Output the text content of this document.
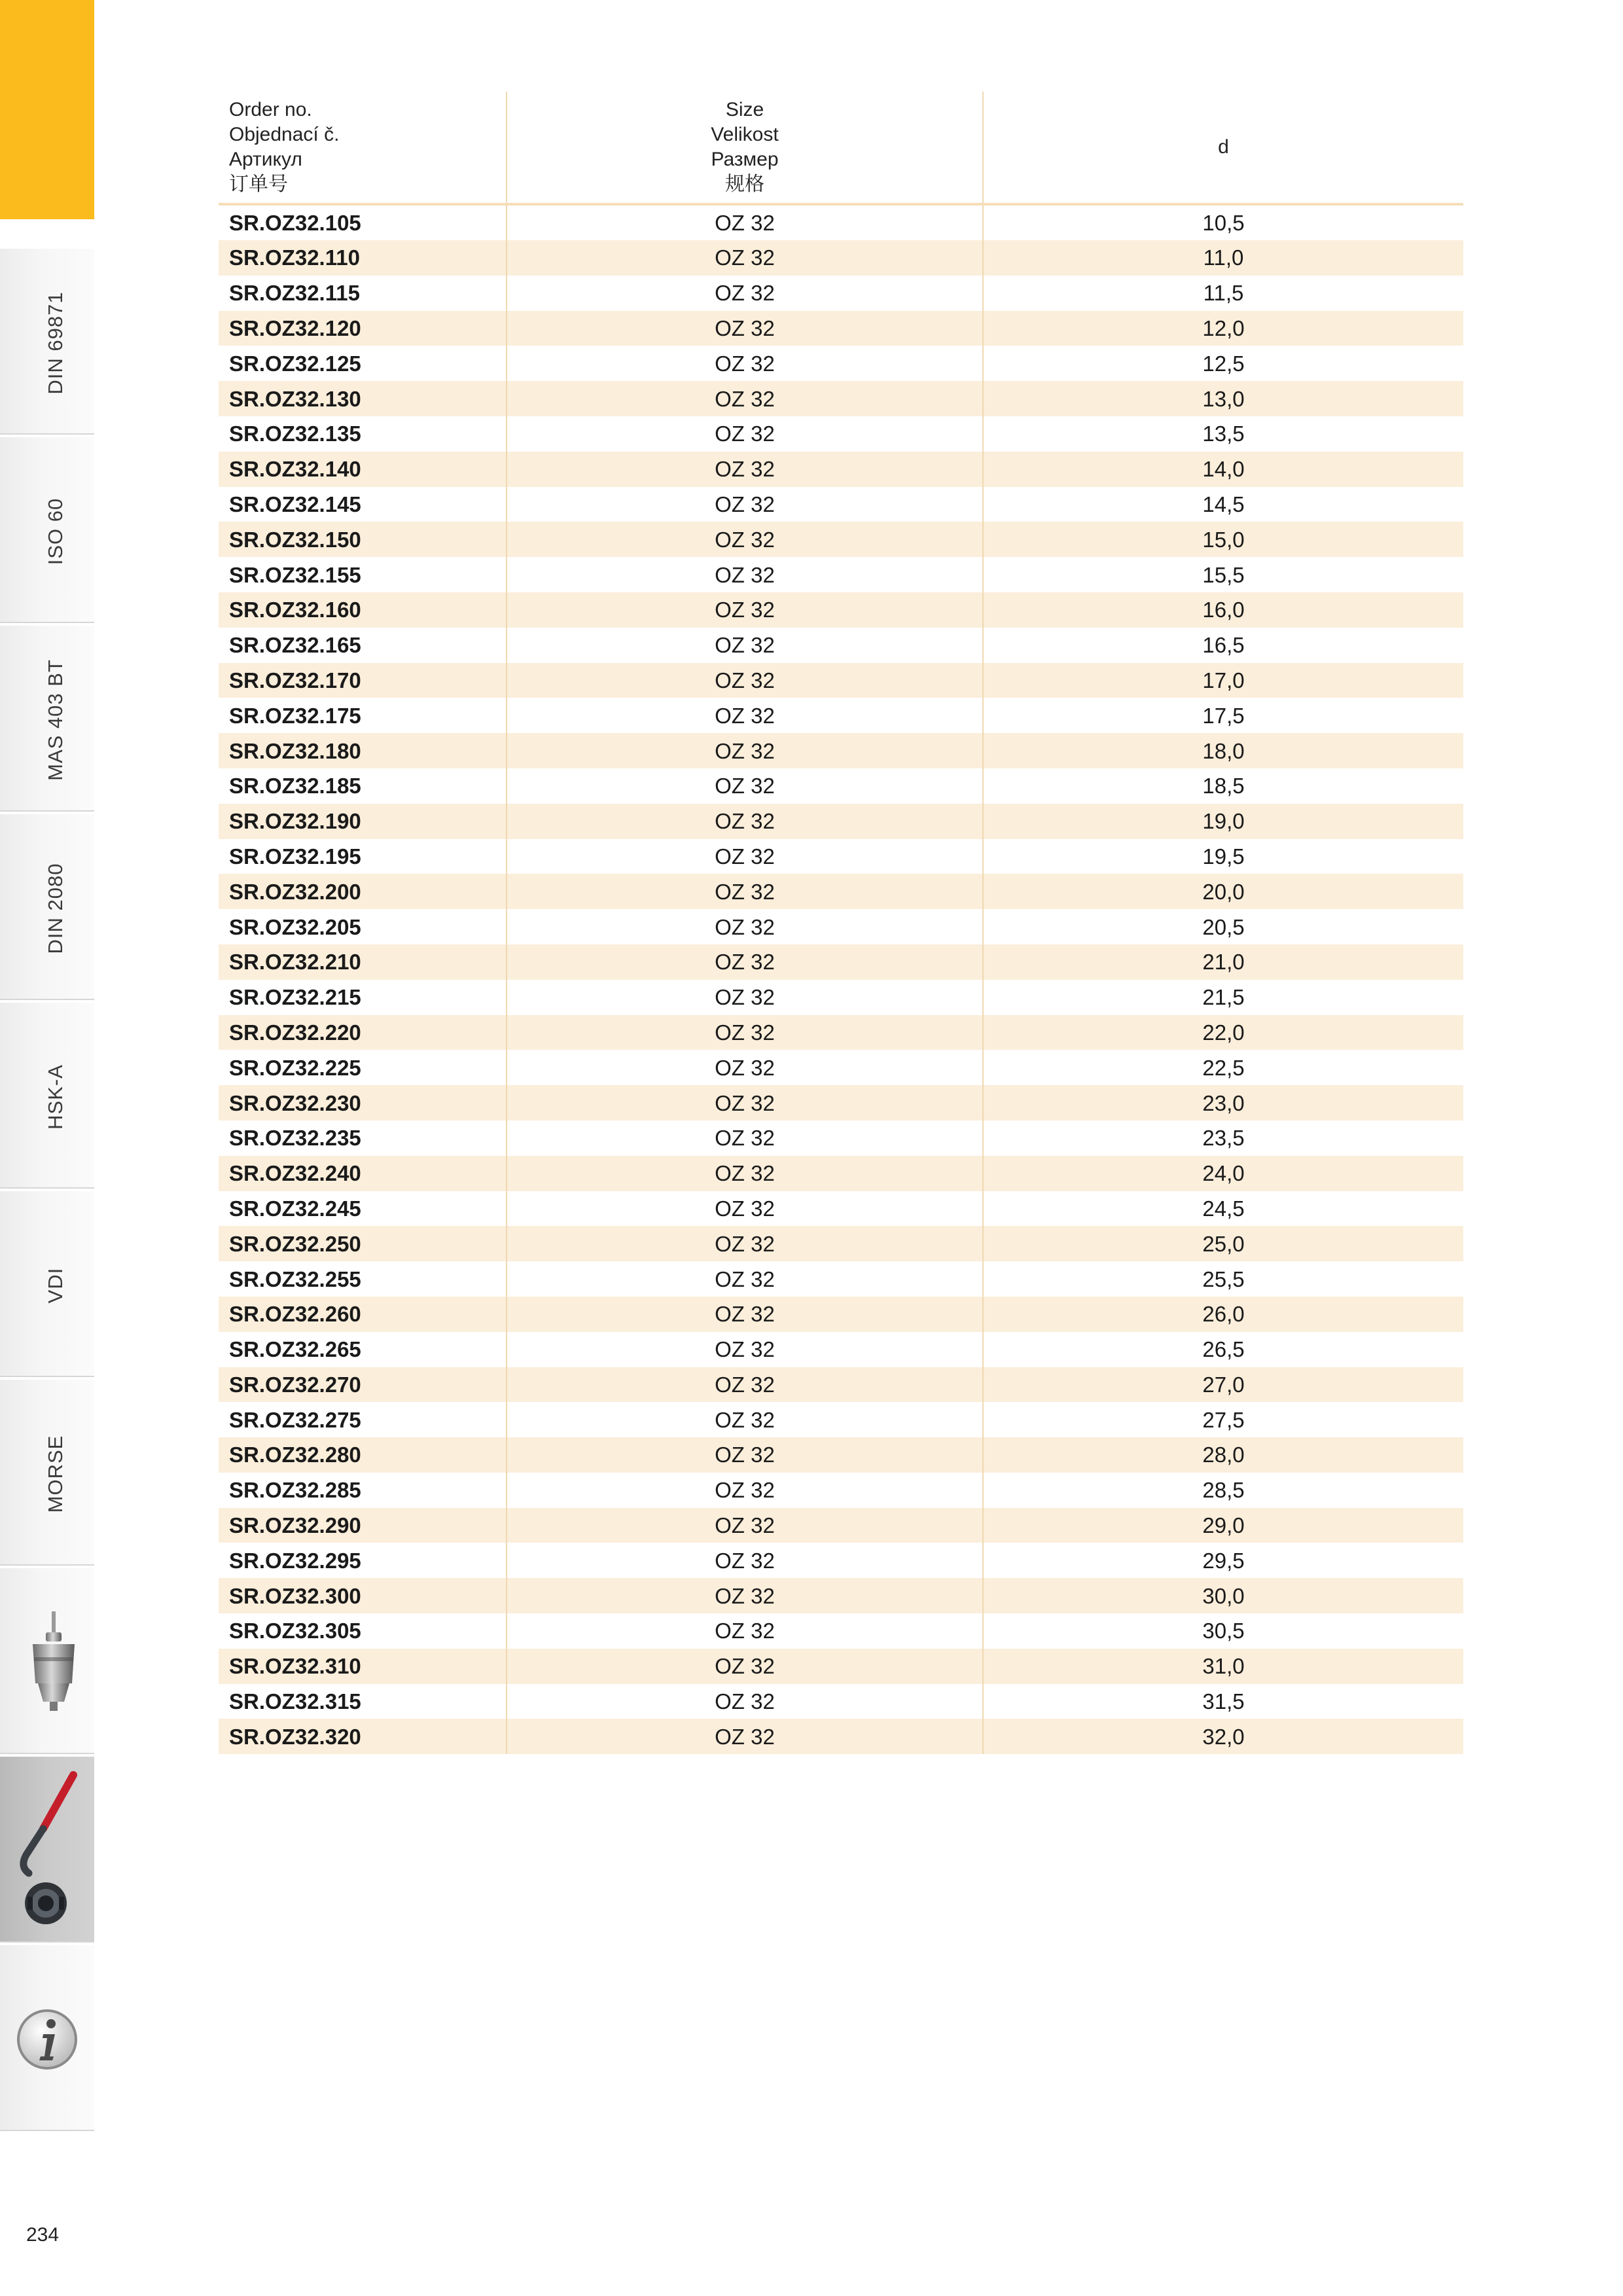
DIN 69871
ISO 60
MAS 403 BT
DIN 2080
HSK-A
VDI
MORSE
234
Order no.
Objednací č.
Артикул
订单号	Size
Velikost
Размер
规格	d

SR.OZ32.105	OZ 32	10,5
SR.OZ32.110	OZ 32	11,0
SR.OZ32.115	OZ 32	11,5
SR.OZ32.120	OZ 32	12,0
SR.OZ32.125	OZ 32	12,5
SR.OZ32.130	OZ 32	13,0
SR.OZ32.135	OZ 32	13,5
SR.OZ32.140	OZ 32	14,0
SR.OZ32.145	OZ 32	14,5
SR.OZ32.150	OZ 32	15,0
SR.OZ32.155	OZ 32	15,5
SR.OZ32.160	OZ 32	16,0
SR.OZ32.165	OZ 32	16,5
SR.OZ32.170	OZ 32	17,0
SR.OZ32.175	OZ 32	17,5
SR.OZ32.180	OZ 32	18,0
SR.OZ32.185	OZ 32	18,5
SR.OZ32.190	OZ 32	19,0
SR.OZ32.195	OZ 32	19,5
SR.OZ32.200	OZ 32	20,0
SR.OZ32.205	OZ 32	20,5
SR.OZ32.210	OZ 32	21,0
SR.OZ32.215	OZ 32	21,5
SR.OZ32.220	OZ 32	22,0
SR.OZ32.225	OZ 32	22,5
SR.OZ32.230	OZ 32	23,0
SR.OZ32.235	OZ 32	23,5
SR.OZ32.240	OZ 32	24,0
SR.OZ32.245	OZ 32	24,5
SR.OZ32.250	OZ 32	25,0
SR.OZ32.255	OZ 32	25,5
SR.OZ32.260	OZ 32	26,0
SR.OZ32.265	OZ 32	26,5
SR.OZ32.270	OZ 32	27,0
SR.OZ32.275	OZ 32	27,5
SR.OZ32.280	OZ 32	28,0
SR.OZ32.285	OZ 32	28,5
SR.OZ32.290	OZ 32	29,0
SR.OZ32.295	OZ 32	29,5
SR.OZ32.300	OZ 32	30,0
SR.OZ32.305	OZ 32	30,5
SR.OZ32.310	OZ 32	31,0
SR.OZ32.315	OZ 32	31,5
SR.OZ32.320	OZ 32	32,0
